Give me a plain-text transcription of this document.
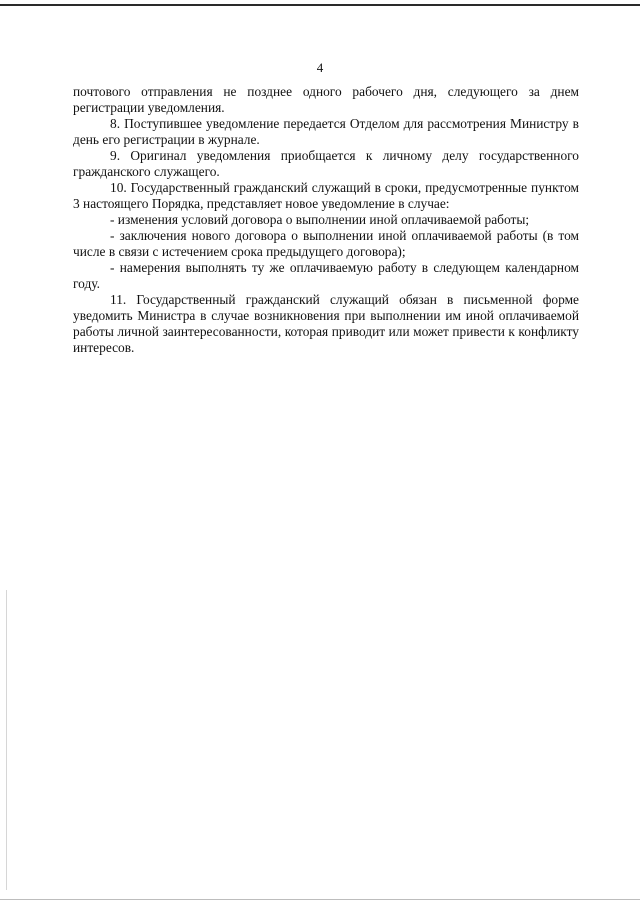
4

почтового отправления не позднее одного рабочего дня, следующего за днем регистрации уведомления.

8. Поступившее уведомление передается Отделом для рассмотрения Министру в день его регистрации в журнале.

9. Оригинал уведомления приобщается к личному делу государственного гражданского служащего.

10. Государственный гражданский служащий в сроки, предусмотренные пунктом 3 настоящего Порядка, представляет новое уведомление в случае:

- изменения условий договора о выполнении иной оплачиваемой работы;

- заключения нового договора о выполнении иной оплачиваемой работы (в том числе в связи с истечением срока предыдущего договора);

- намерения выполнять ту же оплачиваемую работу в следующем календарном году.

11. Государственный гражданский служащий обязан в письменной форме уведомить Министра в случае возникновения при выполнении им иной оплачиваемой работы личной заинтересованности, которая приводит или может привести к конфликту интересов.
